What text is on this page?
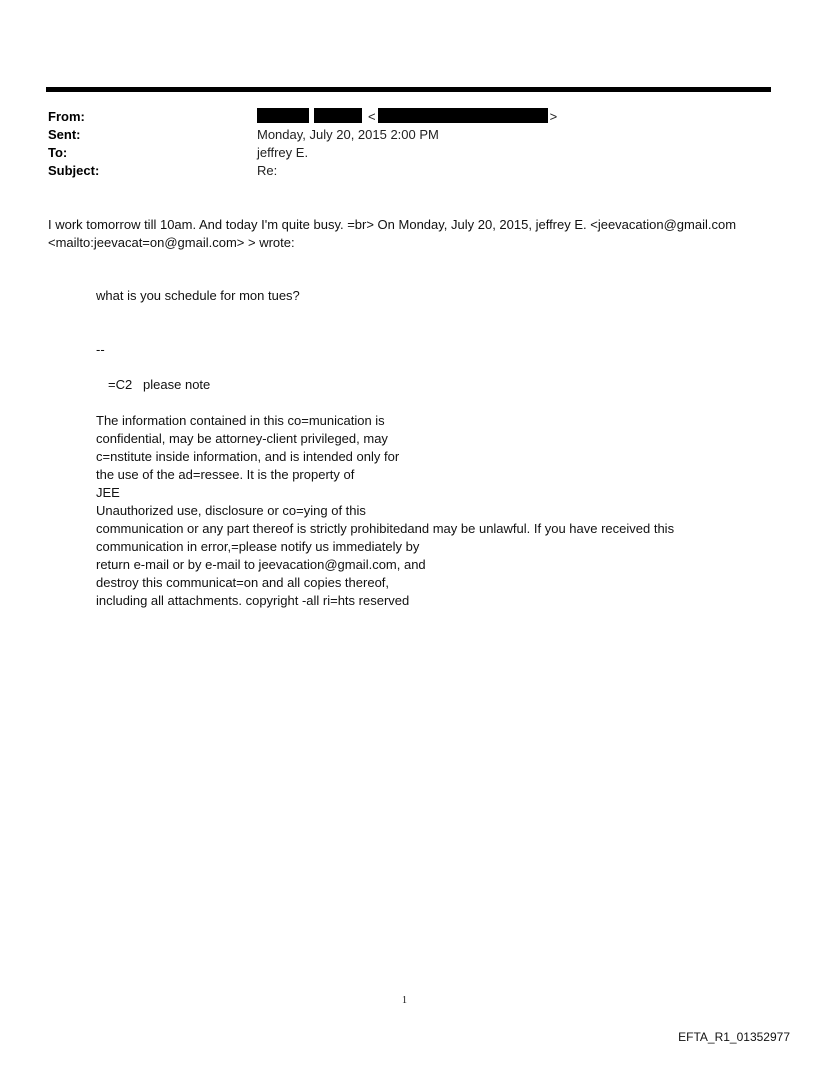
From:	<	>
Sent:	Monday, July 20, 2015 2:00 PM
To:	jeffrey E.
Subject:	Re:
I work tomorrow till 10am. And today I'm quite busy. =br> On Monday, July 20, 2015, jeffrey E. <jeevacation@gmail.com <mailto:jeevacat=on@gmail.com> > wrote:
what is you schedule for mon tues?
--
=C2   please note
The information contained in this co=munication is
confidential, may be attorney-client privileged, may
c=nstitute inside information, and is intended only for
the use of the ad=ressee. It is the property of
JEE
Unauthorized use, disclosure or co=ying of this
communication or any part thereof is strictly prohibitedand may be unlawful. If you have received this
communication in error,=please notify us immediately by
return e-mail or by e-mail to jeevacation@gmail.com, and
destroy this communicat=on and all copies thereof,
including all attachments. copyright -all ri=hts reserved
1
EFTA_R1_01352977
